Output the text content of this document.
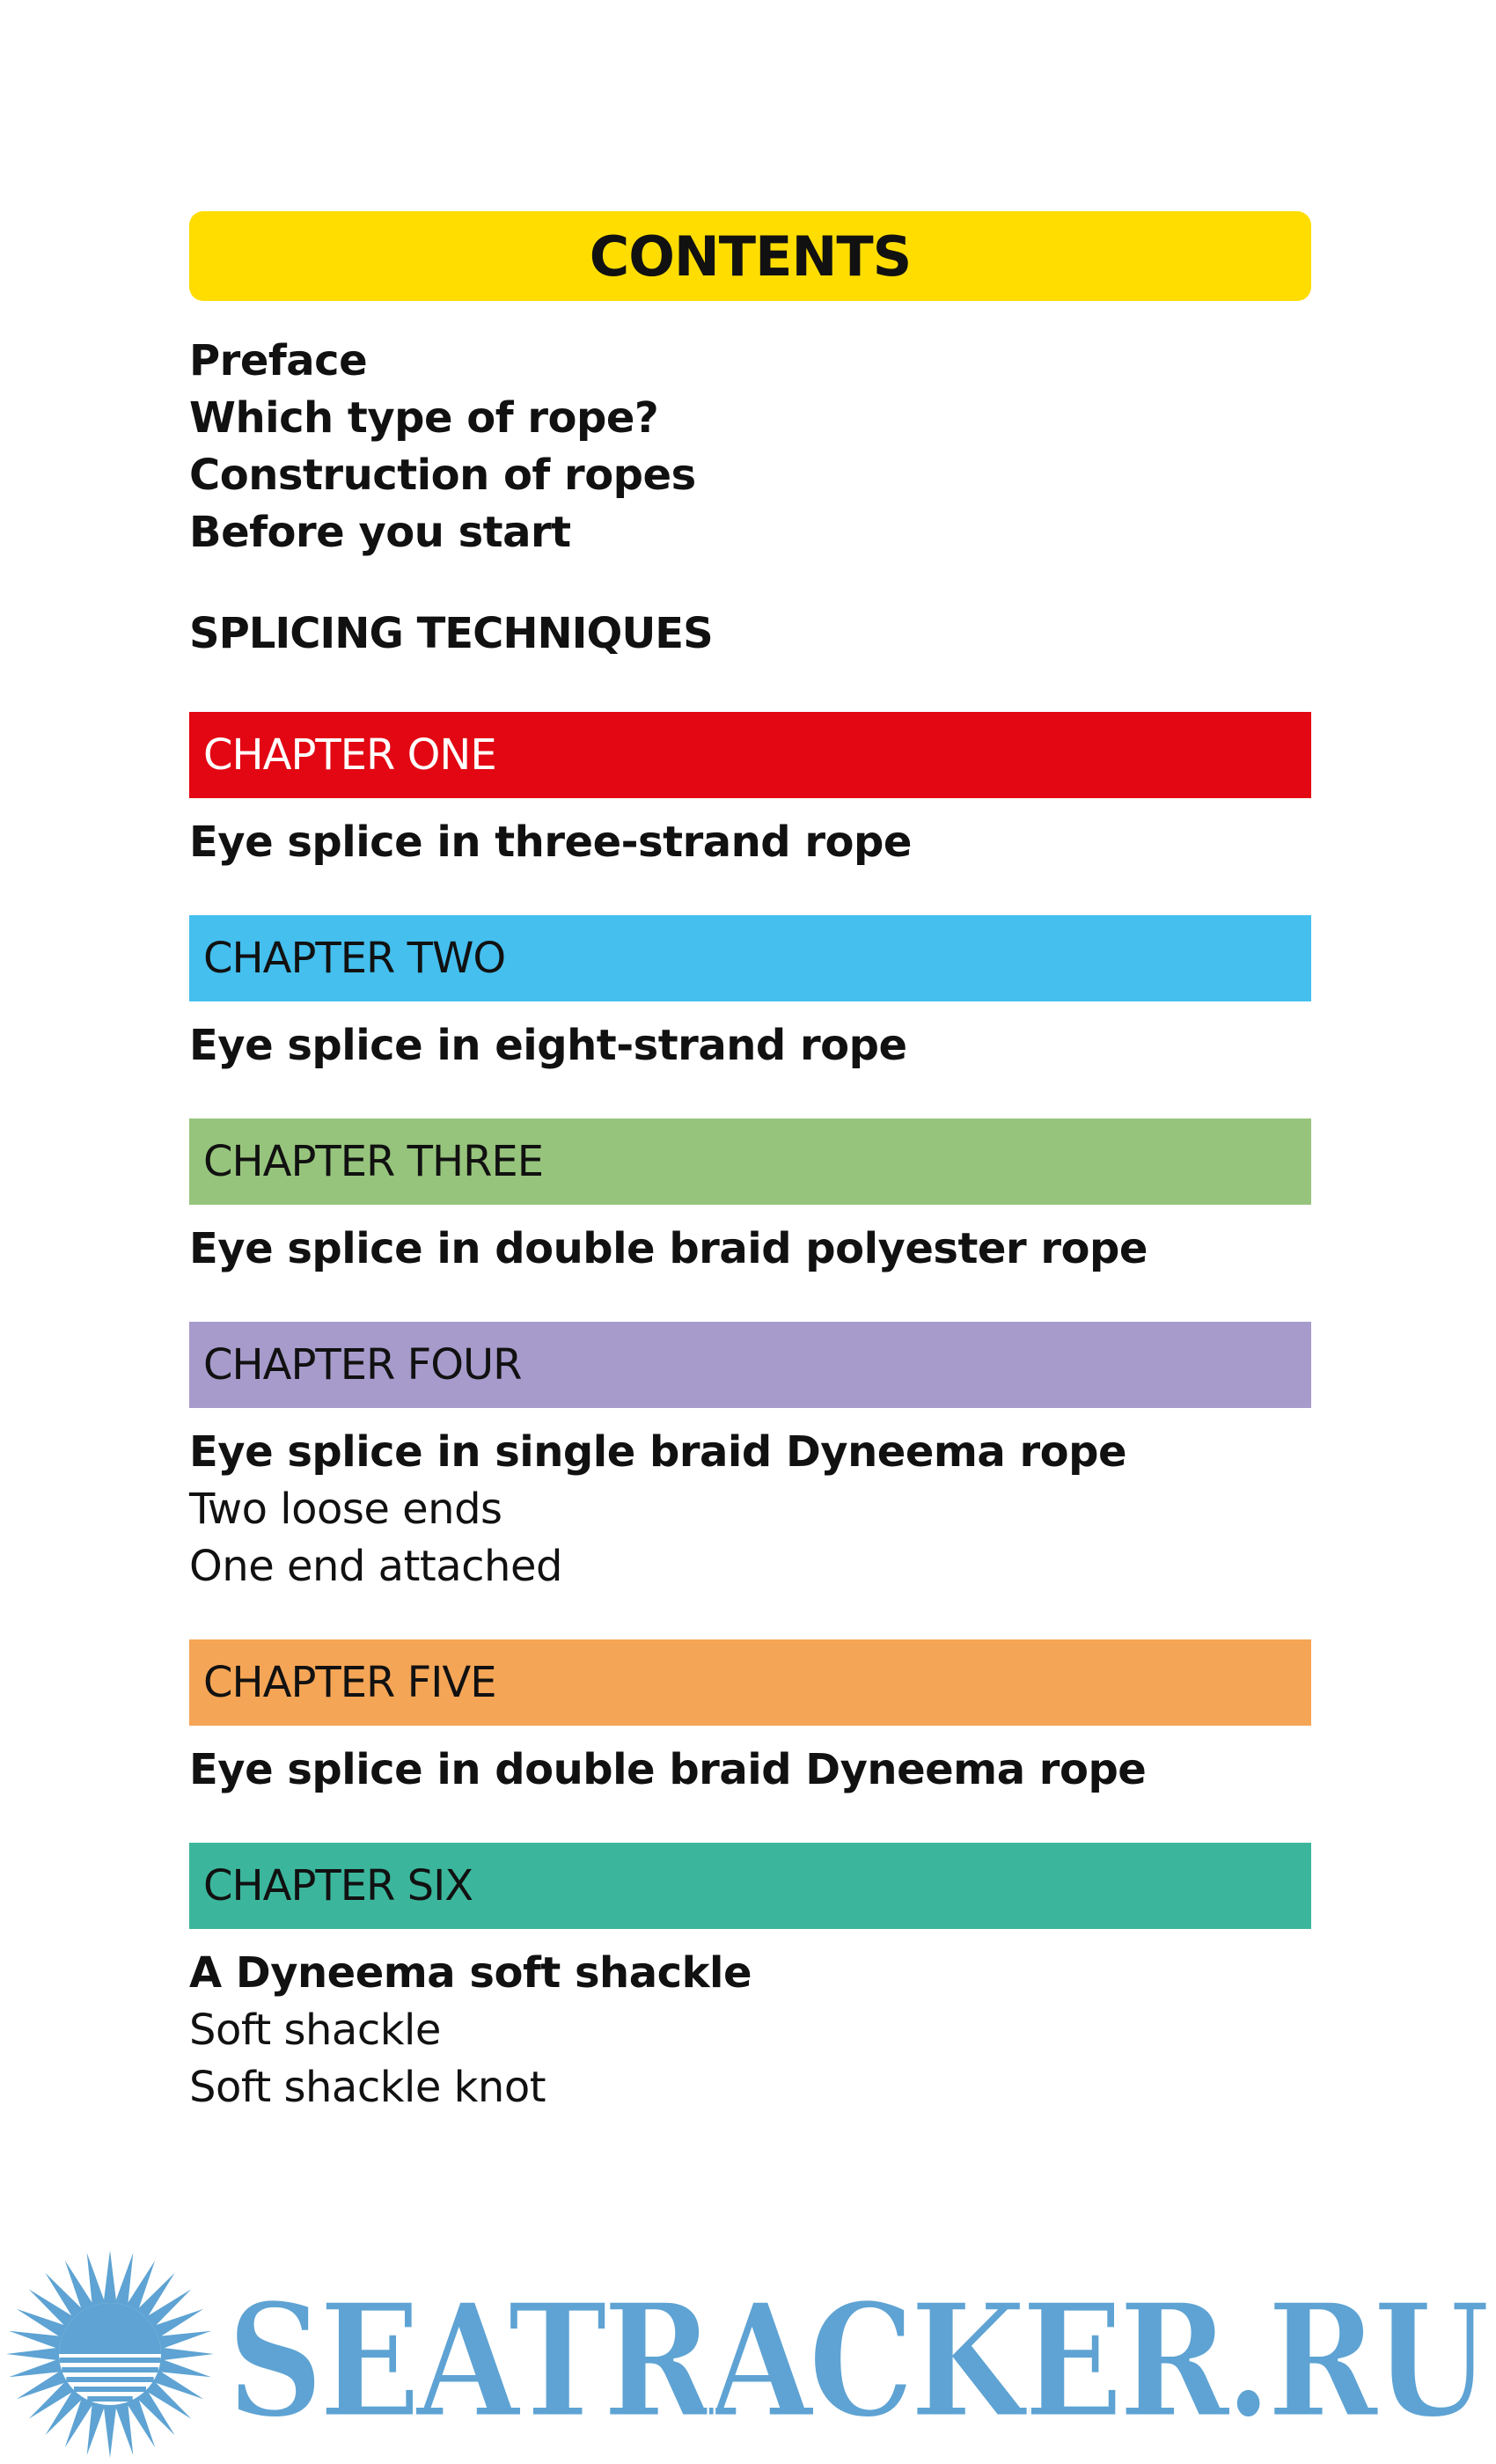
CONTENTS
Preface
Which type of rope?
Construction of ropes
Before you start
SPLICING TECHNIQUES
CHAPTER ONE
Eye splice in three-strand rope
CHAPTER TWO
Eye splice in eight-strand rope
CHAPTER THREE
Eye splice in double braid polyester rope
CHAPTER FOUR
Eye splice in single braid Dyneema rope
Two loose ends
One end attached
CHAPTER FIVE
Eye splice in double braid Dyneema rope
CHAPTER SIX
A Dyneema soft shackle
Soft shackle
Soft shackle knot
SEATRACKER.RU
